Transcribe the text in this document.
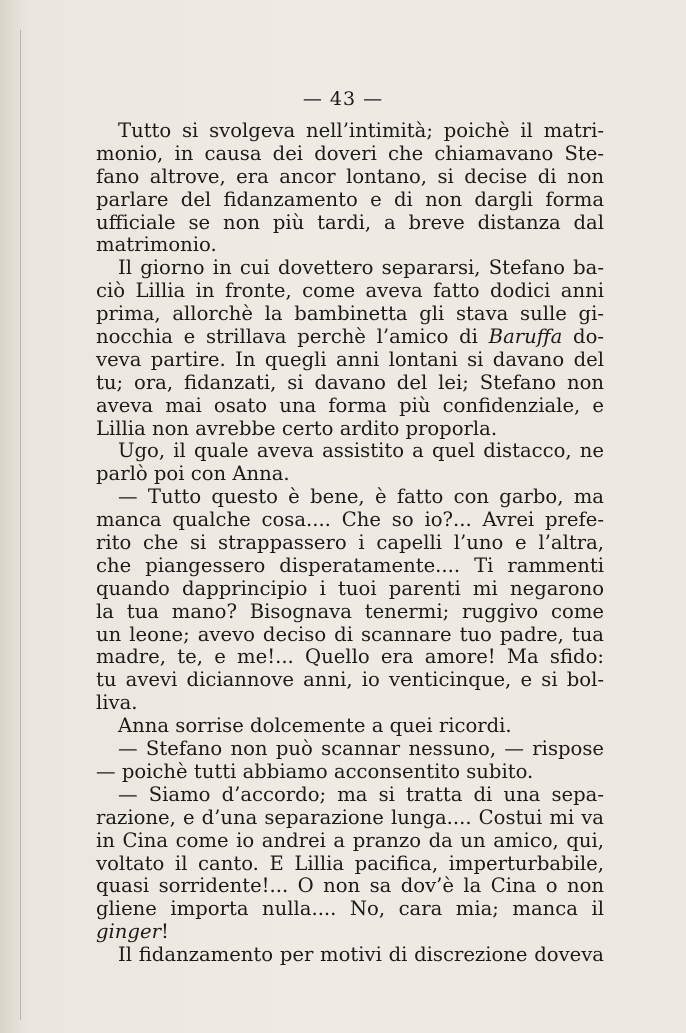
— 43 —
Tutto si svolgeva nell’intimità; poichè il matri-
monio, in causa dei doveri che chiamavano Ste-
fano altrove, era ancor lontano, si decise di non
parlare del fidanzamento e di non dargli forma
ufficiale se non più tardi, a breve distanza dal
matrimonio.
Il giorno in cui dovettero separarsi, Stefano ba-
ciò Lillia in fronte, come aveva fatto dodici anni
prima, allorchè la bambinetta gli stava sulle gi-
nocchia e strillava perchè l’amico di Baruffa do-
veva partire. In quegli anni lontani si davano del
tu; ora, fidanzati, si davano del lei; Stefano non
aveva mai osato una forma più confidenziale, e
Lillia non avrebbe certo ardito proporla.
Ugo, il quale aveva assistito a quel distacco, ne
parlò poi con Anna.
— Tutto questo è bene, è fatto con garbo, ma
manca qualche cosa.... Che so io?... Avrei prefe-
rito che si strappassero i capelli l’uno e l’altra,
che piangessero disperatamente.... Ti rammenti
quando dapprincipio i tuoi parenti mi negarono
la tua mano? Bisognava tenermi; ruggivo come
un leone; avevo deciso di scannare tuo padre, tua
madre, te, e me!... Quello era amore! Ma sfido:
tu avevi diciannove anni, io venticinque, e si bol-
liva.
Anna sorrise dolcemente a quei ricordi.
— Stefano non può scannar nessuno, — rispose
— poichè tutti abbiamo acconsentito subito.
— Siamo d’accordo; ma si tratta di una sepa-
razione, e d’una separazione lunga.... Costui mi va
in Cina come io andrei a pranzo da un amico, qui,
voltato il canto. E Lillia pacifica, imperturbabile,
quasi sorridente!... O non sa dov’è la Cina o non
gliene importa nulla.... No, cara mia; manca il
ginger!
Il fidanzamento per motivi di discrezione doveva
